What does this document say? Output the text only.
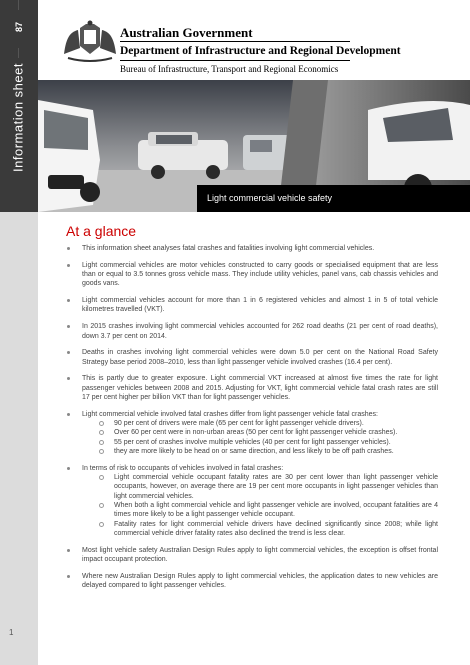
87
Information sheet
Australian Government
Department of Infrastructure and Regional Development
Bureau of Infrastructure, Transport and Regional Economics
Light commercial vehicle safety
At a glance
This information sheet analyses fatal crashes and fatalities involving light commercial vehicles.
Light commercial vehicles are motor vehicles constructed to carry goods or specialised equipment that are less than or equal to 3.5 tonnes gross vehicle mass. They include utility vehicles, panel vans, cab chassis vehicles and goods vans.
Light commercial vehicles account for more than 1 in 6 registered vehicles and almost 1 in 5 of total vehicle kilometres travelled (VKT).
In 2015 crashes involving light commercial vehicles accounted for 262 road deaths (21 per cent of road deaths), down 3.7 per cent on 2014.
Deaths in crashes involving light commercial vehicles were down 5.0 per cent on the National Road Safety Strategy base period 2008–2010, less than light passenger vehicle involved crashes (16.4 per cent).
This is partly due to greater exposure. Light commercial VKT increased at almost five times the rate for light passenger vehicles between 2008 and 2015. Adjusting for VKT, light commercial vehicle fatal crash rates are still 17 per cent higher per billion VKT than for light passenger vehicles.
Light commercial vehicle involved fatal crashes differ from light passenger vehicle fatal crashes:
90 per cent of drivers were male (65 per cent for light passenger vehicle drivers).
Over 60 per cent were in non-urban areas (50 per cent for light passenger vehicle crashes).
55 per cent of crashes involve multiple vehicles (40 per cent for light passenger vehicles).
they are more likely to be head on or same direction, and less likely to be off path crashes.
In terms of risk to occupants of vehicles involved in fatal crashes:
Light commercial vehicle occupant fatality rates are 30 per cent lower than light passenger vehicle occupants, however, on average there are 19 per cent more occupants in light passenger vehicles than light commercial vehicles.
When both a light commercial vehicle and light passenger vehicle are involved, occupant fatalities are 4 times more likely to be a light passenger vehicle occupant.
Fatality rates for light commercial vehicle drivers have declined significantly since 2008; while light commercial vehicle driver fatality rates also declined the trend is less clear.
Most light vehicle safety Australian Design Rules apply to light commercial vehicles, the exception is offset frontal impact occupant protection.
Where new Australian Design Rules apply to light commercial vehicles, the application dates to new vehicles are delayed compared to light passenger vehicles.
1
